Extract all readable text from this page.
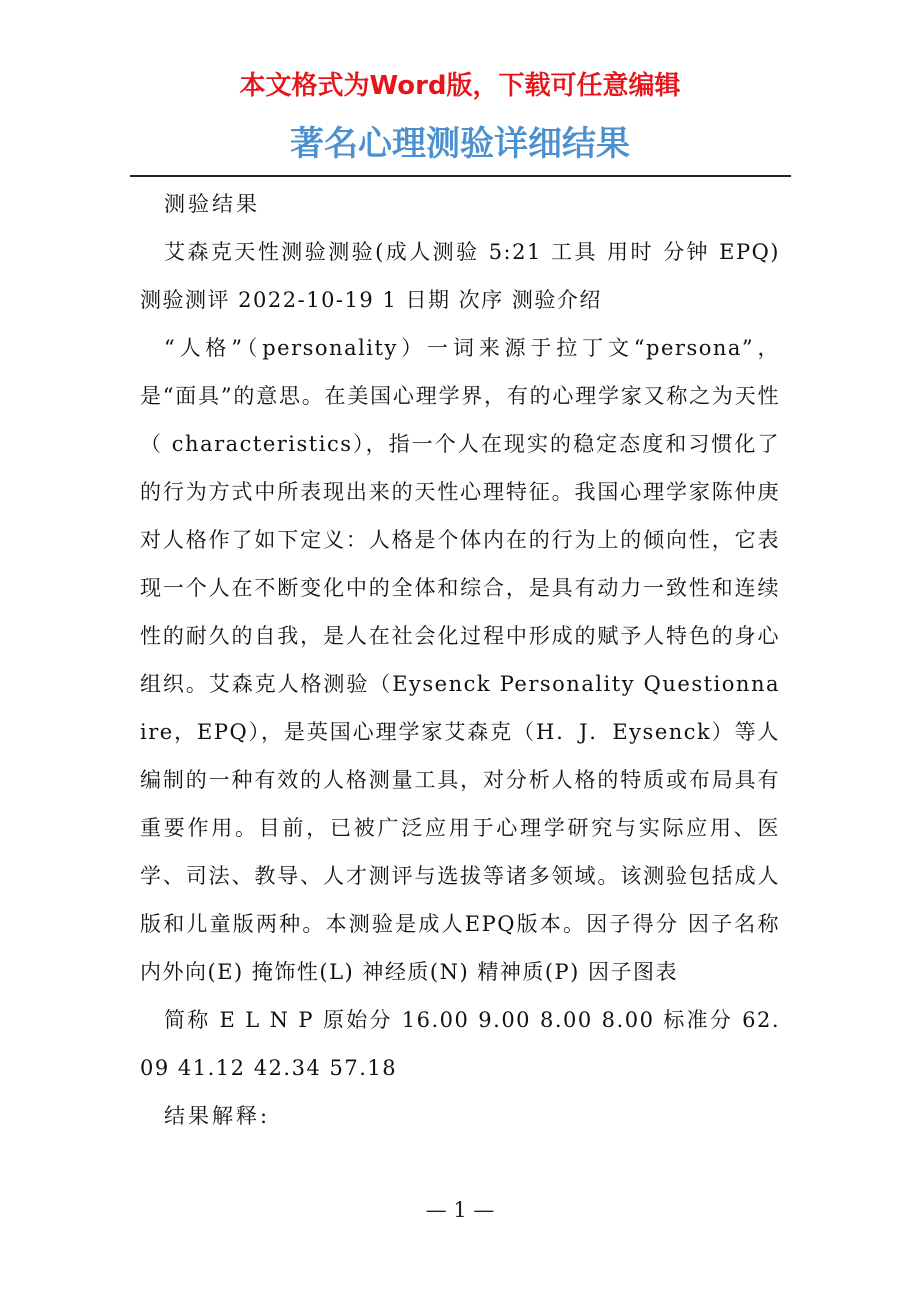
本文格式为Word版，下载可任意编辑
著名心理测验详细结果

测验结果

艾森克天性测验测验(成人测验 5:21 工具 用时 分钟 EPQ) 测验测评 2022-10-19 1 日期 次序 测验介绍

“人格”（personality）一词来源于拉丁文“persona”，是“面具”的意思。在美国心理学界，有的心理学家又称之为天性（ characteristics），指一个人在现实的稳定态度和习惯化了的行为方式中所表现出来的天性心理特征。我国心理学家陈仲庚对人格作了如下定义：人格是个体内在的行为上的倾向性，它表现一个人在不断变化中的全体和综合，是具有动力一致性和连续性的耐久的自我，是人在社会化过程中形成的赋予人特色的身心组织。艾森克人格测验（Eysenck Personality Questionnaire，EPQ），是英国心理学家艾森克（H．J．Eysenck）等人编制的一种有效的人格测量工具，对分析人格的特质或布局具有重要作用。目前，已被广泛应用于心理学研究与实际应用、医学、司法、教导、人才测评与选拔等诸多领域。该测验包括成人版和儿童版两种。本测验是成人EPQ版本。因子得分 因子名称 内外向(E) 掩饰性(L) 神经质(N) 精神质(P) 因子图表

简称 E L N P 原始分 16.00 9.00 8.00 8.00 标准分 62.09 41.12 42.34 57.18

结果解释:

— 1 —
